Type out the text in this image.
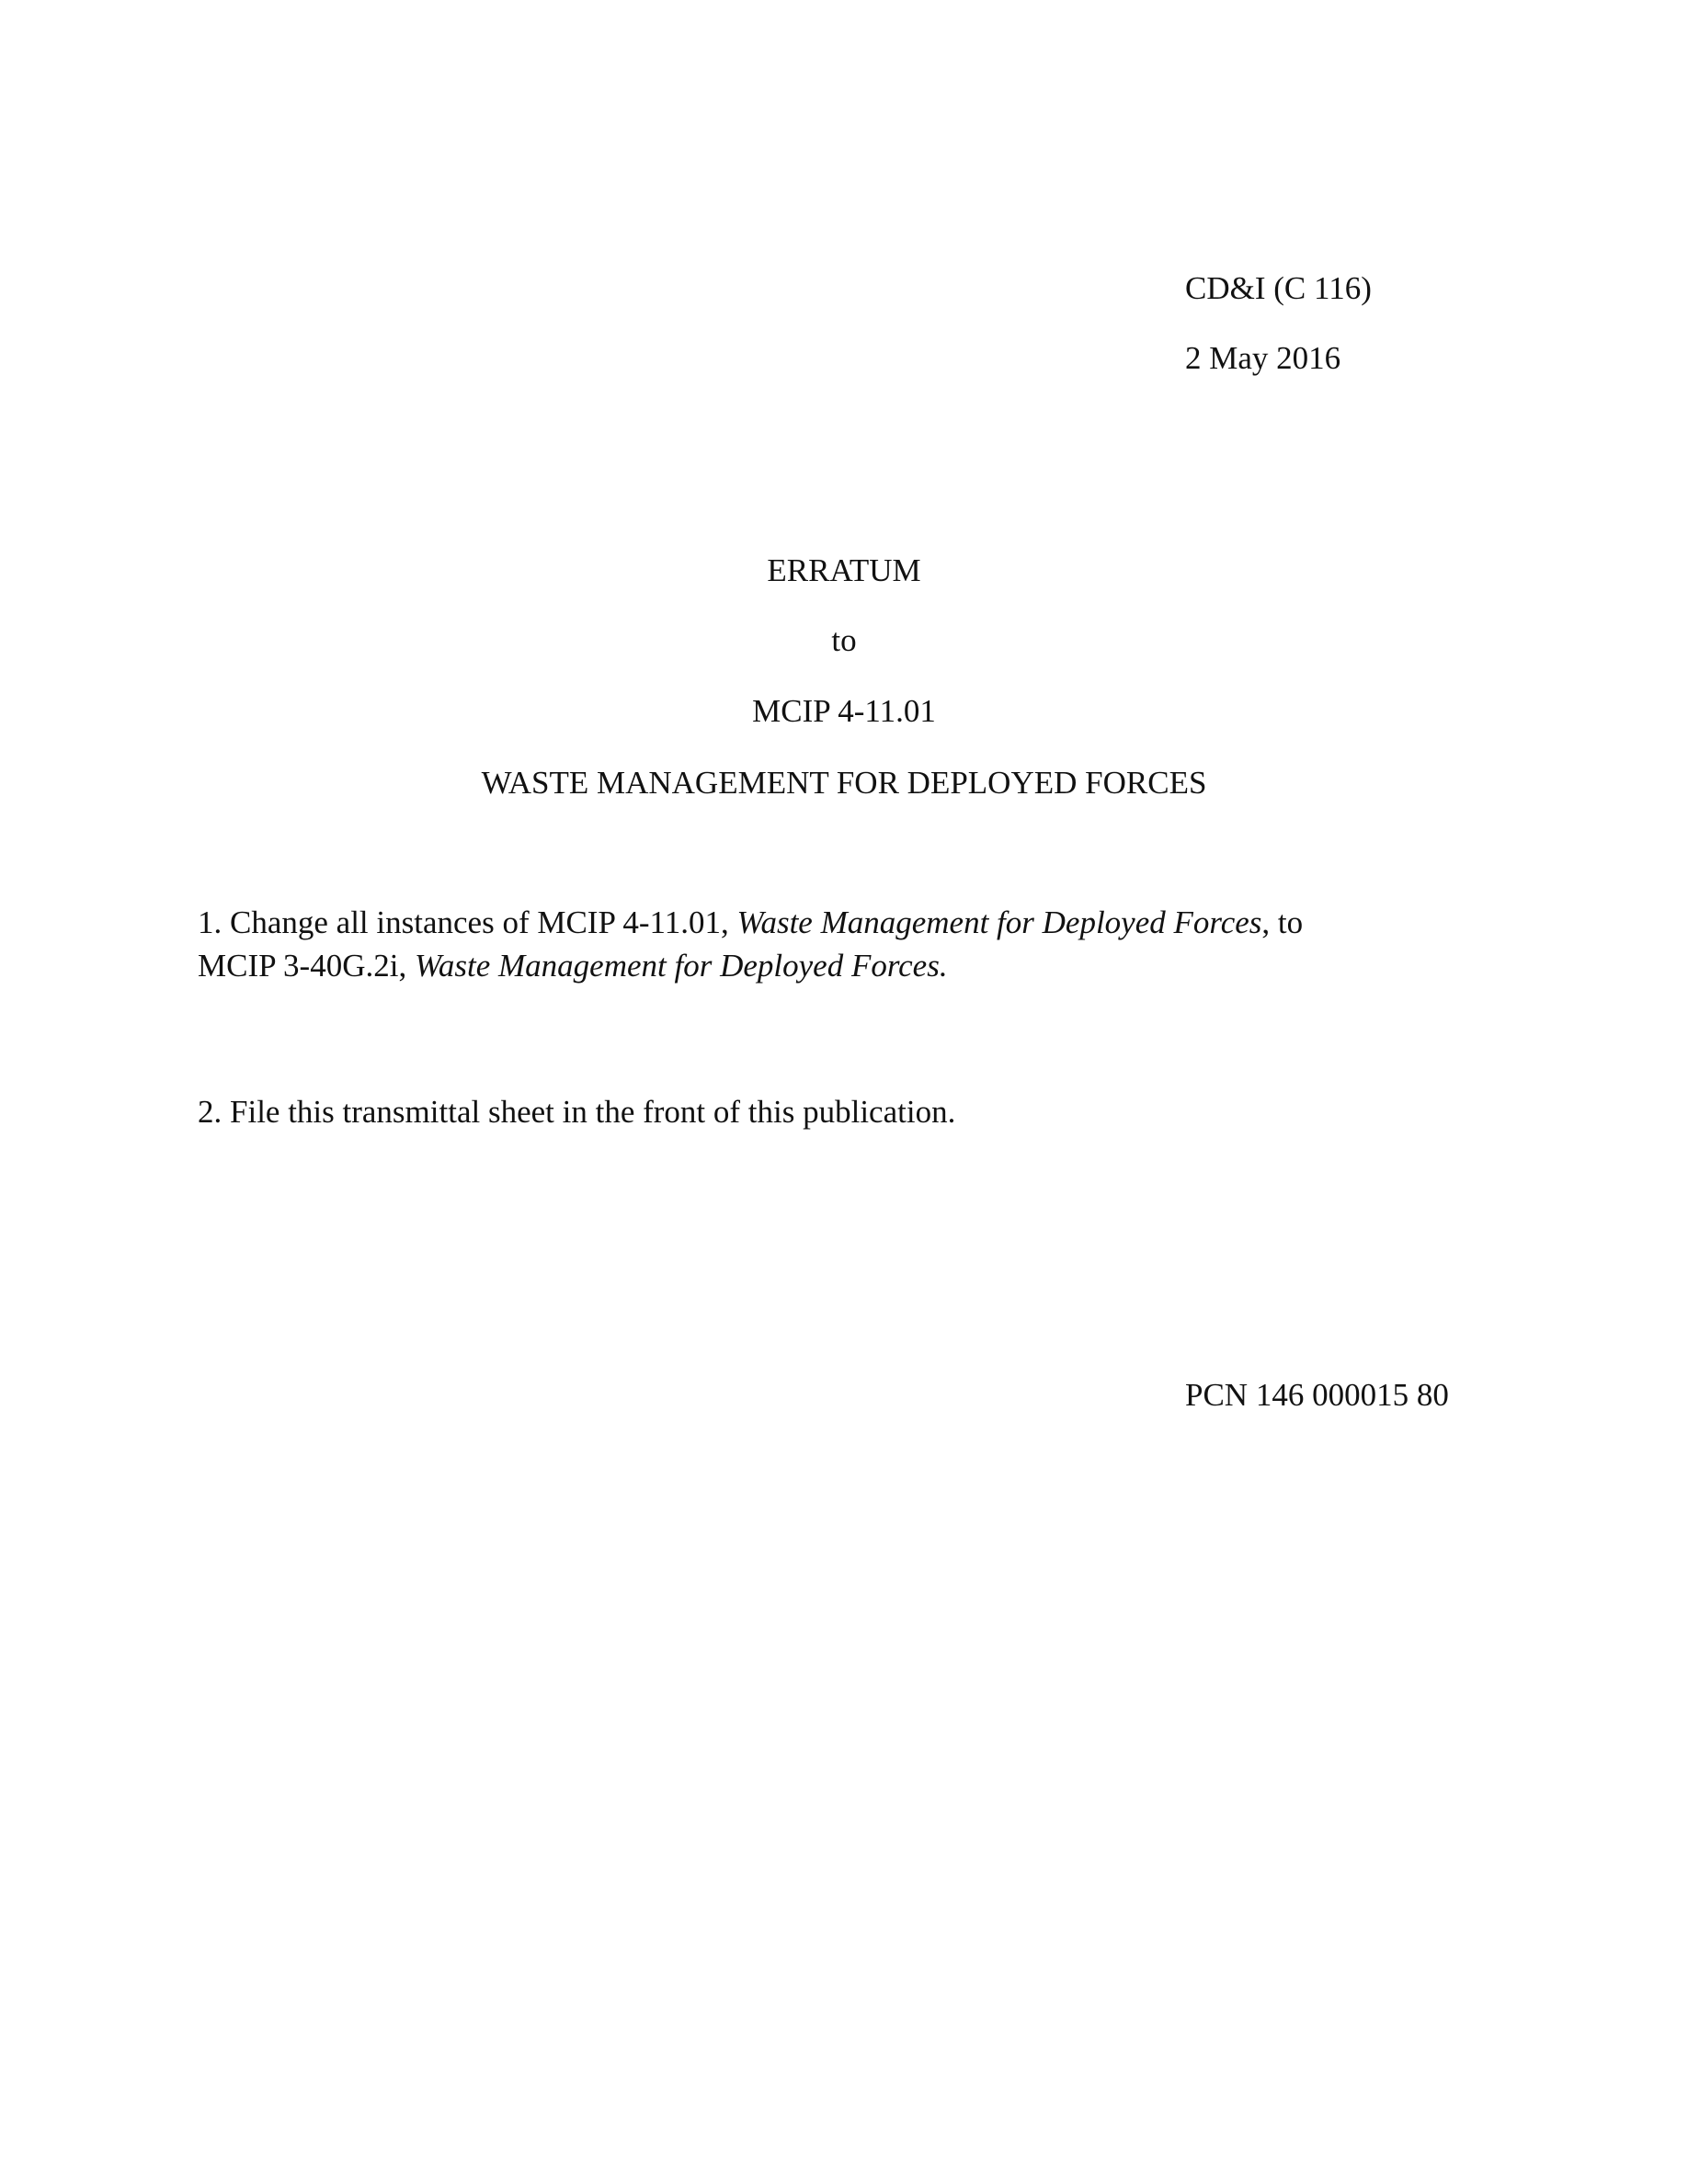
CD&I (C 116)
2 May 2016
ERRATUM
to
MCIP 4-11.01
WASTE MANAGEMENT FOR DEPLOYED FORCES
1. Change all instances of MCIP 4-11.01, Waste Management for Deployed Forces, to
MCIP 3-40G.2i, Waste Management for Deployed Forces.
2. File this transmittal sheet in the front of this publication.
PCN 146 000015 80
